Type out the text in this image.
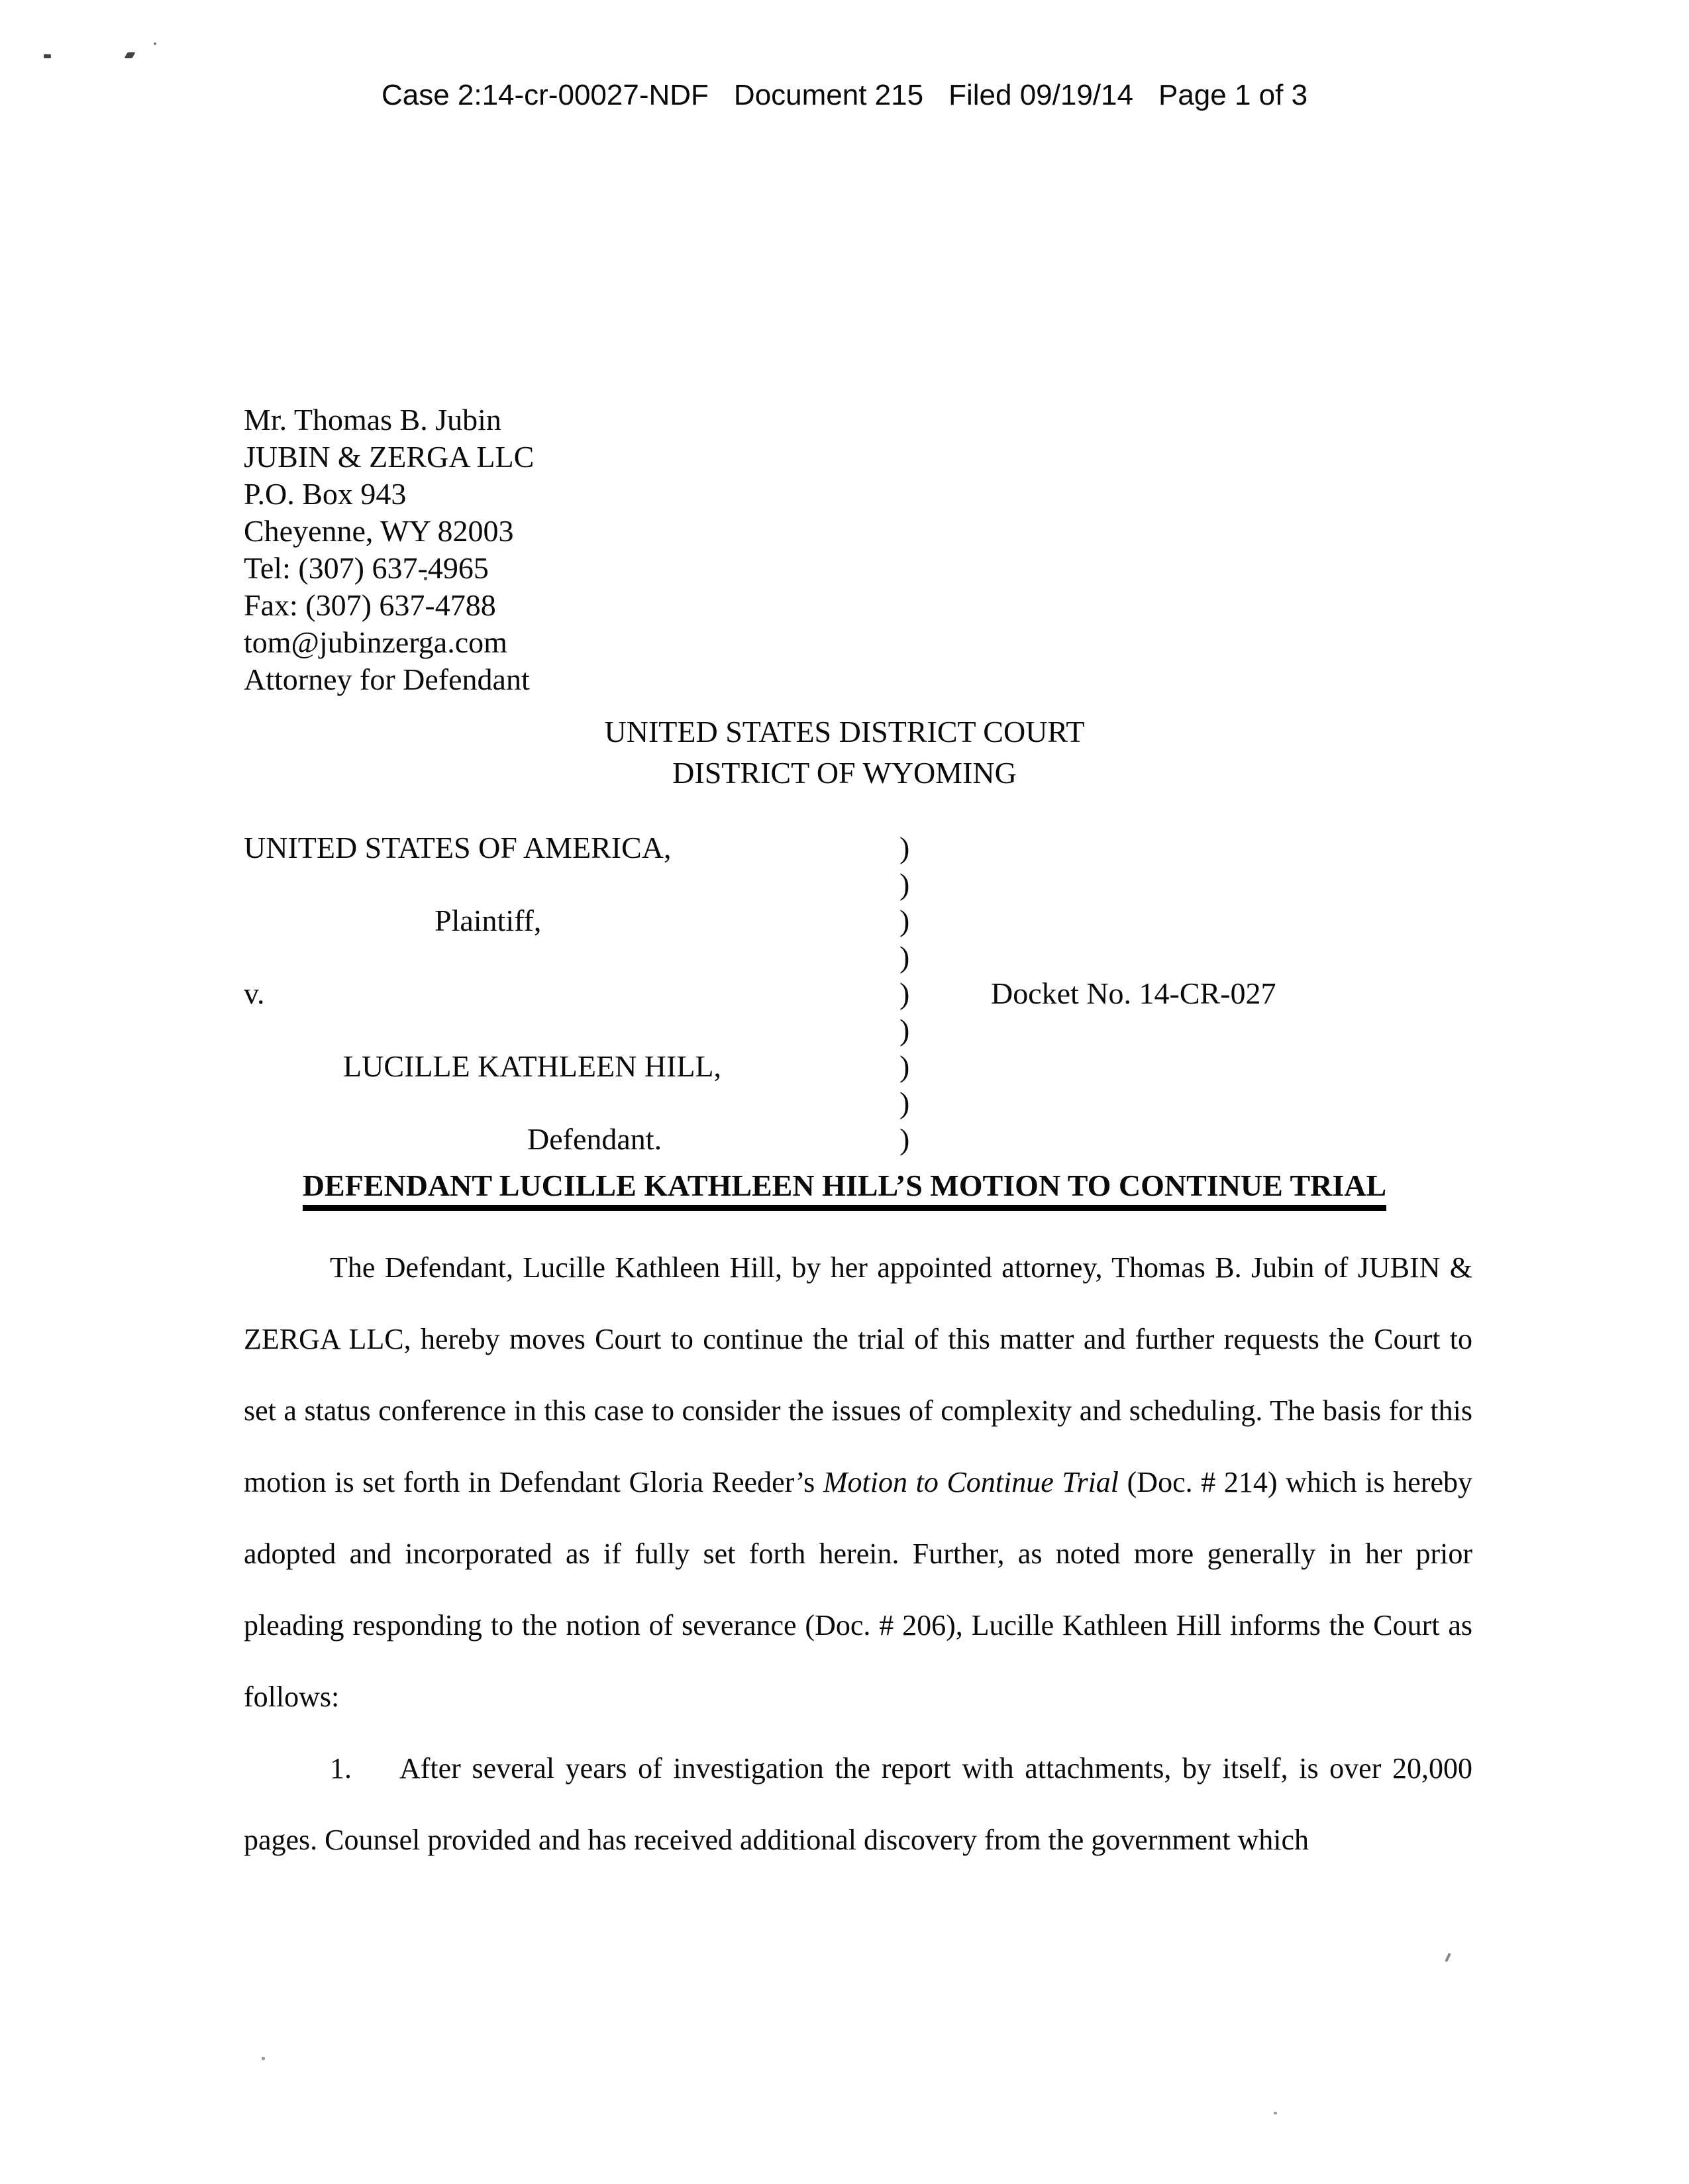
Case 2:14-cr-00027-NDF Document 215 Filed 09/19/14 Page 1 of 3
Mr. Thomas B. Jubin
JUBIN & ZERGA LLC
P.O. Box 943
Cheyenne, WY 82003
Tel: (307) 637-4965
Fax: (307) 637-4788
tom@jubinzerga.com
Attorney for Defendant
UNITED STATES DISTRICT COURT
DISTRICT OF WYOMING
UNITED STATES OF AMERICA,	)
)
Plaintiff,	)
)
v.	)	Docket No. 14-CR-027
)
LUCILLE KATHLEEN HILL,	)
)
Defendant.	)
DEFENDANT LUCILLE KATHLEEN HILL’S MOTION TO CONTINUE TRIAL

The Defendant, Lucille Kathleen Hill, by her appointed attorney, Thomas B. Jubin of JUBIN & ZERGA LLC, hereby moves Court to continue the trial of this matter and further requests the Court to set a status conference in this case to consider the issues of complexity and scheduling. The basis for this motion is set forth in Defendant Gloria Reeder’s Motion to Continue Trial (Doc. # 214) which is hereby adopted and incorporated as if fully set forth herein. Further, as noted more generally in her prior pleading responding to the notion of severance (Doc. # 206), Lucille Kathleen Hill informs the Court as follows:

1. After several years of investigation the report with attachments, by itself, is over 20,000 pages. Counsel provided and has received additional discovery from the government which
